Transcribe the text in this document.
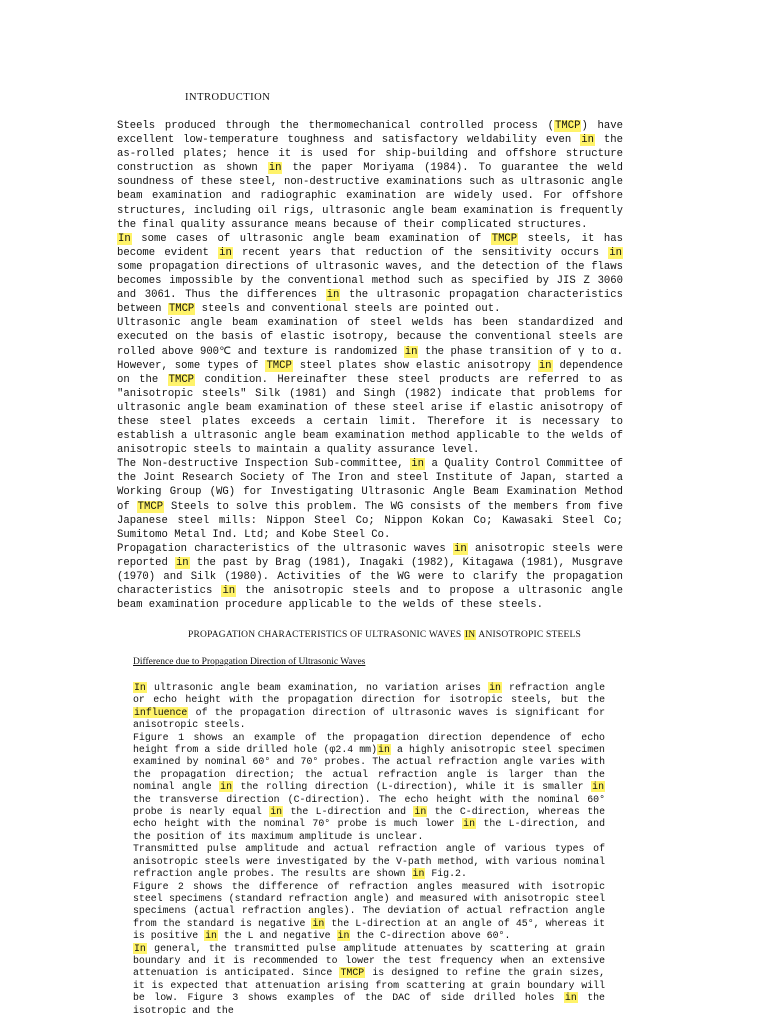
INTRODUCTION

Steels produced through the thermomechanical controlled process (TMCP) have excellent low-temperature toughness and satisfactory weldability even in the as-rolled plates; hence it is used for ship-building and offshore structure construction as shown in the paper Moriyama (1984). To guarantee the weld soundness of these steel, non-destructive examinations such as ultrasonic angle beam examination and radiographic examination are widely used. For offshore structures, including oil rigs, ultrasonic angle beam examination is frequently the final quality assurance means because of their complicated structures.

In some cases of ultrasonic angle beam examination of TMCP steels, it has become evident in recent years that reduction of the sensitivity occurs in some propagation directions of ultrasonic waves, and the detection of the flaws becomes impossible by the conventional method such as specified by JIS Z 3060 and 3061. Thus the differences in the ultrasonic propagation characteristics between TMCP steels and conventional steels are pointed out.

Ultrasonic angle beam examination of steel welds has been standardized and executed on the basis of elastic isotropy, because the conventional steels are rolled above 900℃ and texture is randomized in the phase transition of γ to α. However, some types of TMCP steel plates show elastic anisotropy in dependence on the TMCP condition. Hereinafter these steel products are referred to as "anisotropic steels" Silk (1981) and Singh (1982) indicate that problems for ultrasonic angle beam examination of these steel arise if elastic anisotropy of these steel plates exceeds a certain limit. Therefore it is necessary to establish a ultrasonic angle beam examination method applicable to the welds of anisotropic steels to maintain a quality assurance level.

The Non-destructive Inspection Sub-committee, in a Quality Control Committee of the Joint Research Society of The Iron and steel Institute of Japan, started a Working Group (WG) for Investigating Ultrasonic Angle Beam Examination Method of TMCP Steels to solve this problem. The WG consists of the members from five Japanese steel mills: Nippon Steel Co; Nippon Kokan Co; Kawasaki Steel Co; Sumitomo Metal Ind. Ltd; and Kobe Steel Co.

Propagation characteristics of the ultrasonic waves in anisotropic steels were reported in the past by Brag (1981), Inagaki (1982), Kitagawa (1981), Musgrave (1970) and Silk (1980). Activities of the WG were to clarify the propagation characteristics in the anisotropic steels and to propose a ultrasonic angle beam examination procedure applicable to the welds of these steels.

PROPAGATION CHARACTERISTICS OF ULTRASONIC WAVES IN ANISOTROPIC STEELS
Difference due to Propagation Direction of Ultrasonic Waves

In ultrasonic angle beam examination, no variation arises in refraction angle or echo height with the propagation direction for isotropic steels, but the influence of the propagation direction of ultrasonic waves is significant for anisotropic steels.

Figure 1 shows an example of the propagation direction dependence of echo height from a side drilled hole (φ2.4 mm)in a highly anisotropic steel specimen examined by nominal 60° and 70° probes. The actual refraction angle varies with the propagation direction; the actual refraction angle is larger than the nominal angle in the rolling direction (L-direction), while it is smaller in the transverse direction (C-direction). The echo height with the nominal 60° probe is nearly equal in the L-direction and in the C-direction, whereas the echo height with the nominal 70° probe is much lower in the L-direction, and the position of its maximum amplitude is unclear.

Transmitted pulse amplitude and actual refraction angle of various types of anisotropic steels were investigated by the V-path method, with various nominal refraction angle probes. The results are shown in Fig.2.

Figure 2 shows the difference of refraction angles measured with isotropic steel specimens (standard refraction angle) and measured with anisotropic steel specimens (actual refraction angles). The deviation of actual refraction angle from the standard is negative in the L-direction at an angle of 45°, whereas it is positive in the L and negative in the C-direction above 60°.

In general, the transmitted pulse amplitude attenuates by scattering at grain boundary and it is recommended to lower the test frequency when an extensive attenuation is anticipated. Since TMCP is designed to refine the grain sizes, it is expected that attenuation arising from scattering at grain boundary will be low. Figure 3 shows examples of the DAC of side drilled holes in the isotropic and the
